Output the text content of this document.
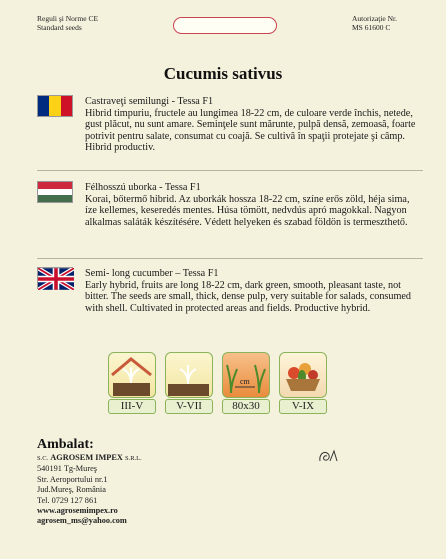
Reguli şi Norme CE
Standard seeds
Autorizaţie Nr.
MS 61600 C
Cucumis sativus
Castraveţi semilungi - Tessa F1
Hibrid timpuriu, fructele au lungimea 18-22 cm, de culoare verde închis, netede, gust plăcut, nu sunt amare. Seminţele sunt mărunte, pulpă densă, zemoasă, foarte potrivit pentru salate, consumat cu coajă. Se cultivă în spaţii protejate şi câmp. Hibrid productiv.
Félhosszú uborka - Tessa F1
Korai, bőtermő hibrid. Az uborkák hossza 18-22 cm, színe erős zöld, héja sima, íze kellemes, keseredés mentes. Húsa tömött, nedvdús apró magokkal. Nagyon alkalmas saláták készítésére. Védett helyeken és szabad földön is termeszthető.
Semi- long cucumber – Tessa F1
Early hybrid, fruits are long 18-22 cm, dark green, smooth, pleasant taste, not bitter. The seeds are small, thick, dense pulp, very suitable for salads, consumed with shell. Cultivated in protected areas and fields. Productive hybrid.
III-V	V-VII
cm
80x30	V-IX
Ambalat:
S.C. AGROSEM IMPEX S.R.L.
540191 Tg-Mureş
Str. Aeroportului nr.1
Jud.Mureş, România
Tel. 0729 127 861
www.agrosemimpex.ro
agrosem_ms@yahoo.com
